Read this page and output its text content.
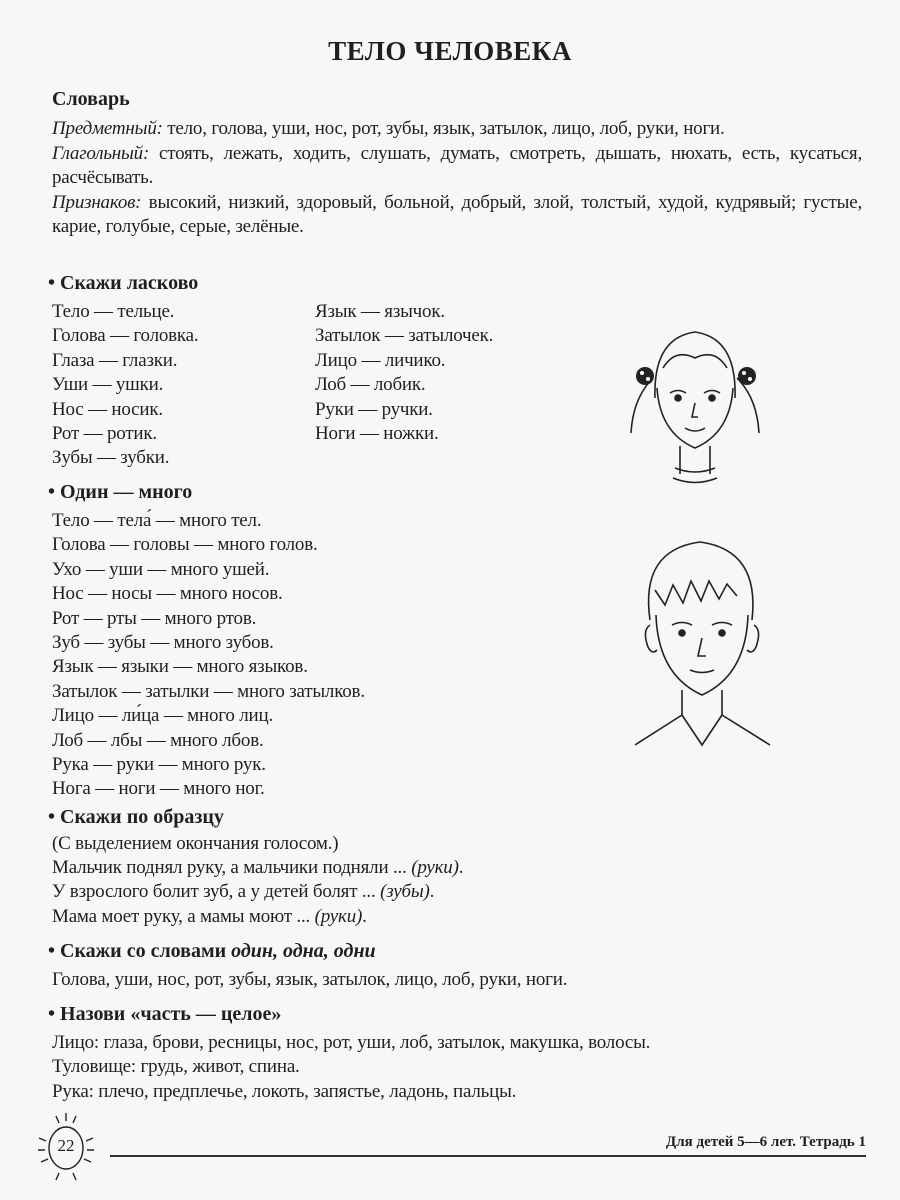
ТЕЛО ЧЕЛОВЕКА
Словарь
Предметный: тело, голова, уши, нос, рот, зубы, язык, затылок, лицо, лоб, руки, ноги.
Глагольный: стоять, лежать, ходить, слушать, думать, смотреть, дышать, нюхать, есть, кусаться, расчёсывать.
Признаков: высокий, низкий, здоровый, больной, добрый, злой, толстый, худой, кудрявый; густые, карие, голубые, серые, зелёные.
• Скажи ласково
Тело — тельце.
Голова — головка.
Глаза — глазки.
Уши — ушки.
Нос — носик.
Рот — ротик.
Зубы — зубки.
Язык — язычок.
Затылок — затылочек.
Лицо — личико.
Лоб — лобик.
Руки — ручки.
Ноги — ножки.
• Один — много
Тело — тела́ — много тел.
Голова — головы — много голов.
Ухо — уши — много ушей.
Нос — носы — много носов.
Рот — рты — много ртов.
Зуб — зубы — много зубов.
Язык — языки — много языков.
Затылок — затылки — много затылков.
Лицо — ли́ца — много лиц.
Лоб — лбы — много лбов.
Рука — руки — много рук.
Нога — ноги — много ног.
• Скажи по образцу
(С выделением окончания голосом.)
Мальчик поднял руку, а мальчики подняли ... (руки).
У взрослого болит зуб, а у детей болят ... (зубы).
Мама моет руку, а мамы моют ... (руки).
• Скажи со словами один, одна, одни
Голова, уши, нос, рот, зубы, язык, затылок, лицо, лоб, руки, ноги.
• Назови «часть — целое»
Лицо: глаза, брови, ресницы, нос, рот, уши, лоб, затылок, макушка, волосы.
Туловище: грудь, живот, спина.
Рука: плечо, предплечье, локоть, запястье, ладонь, пальцы.
22	Для детей 5—6 лет. Тетрадь 1
